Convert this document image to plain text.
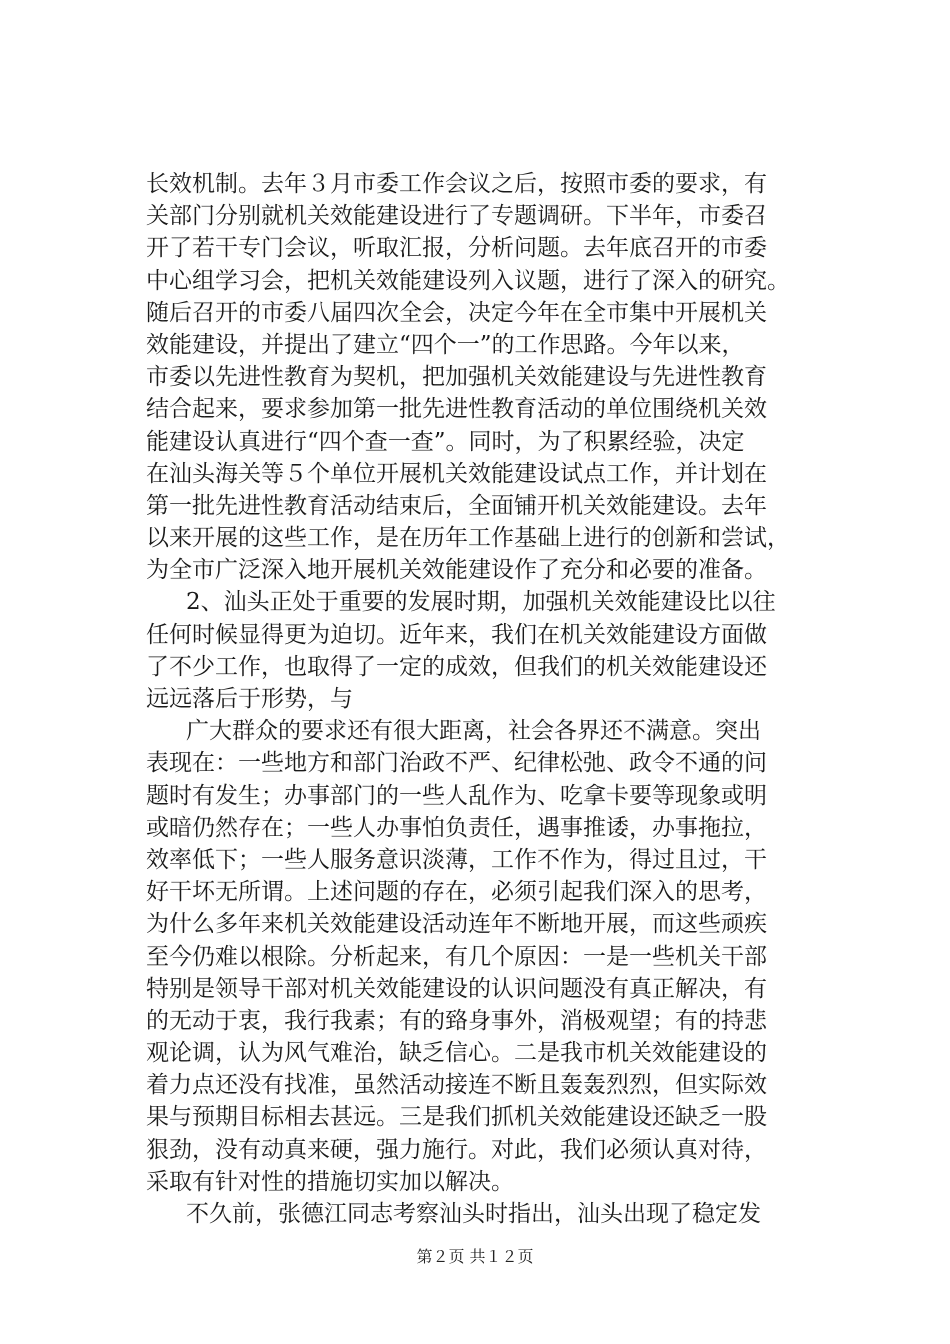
长效机制。去年３月市委工作会议之后，按照市委的要求，有
关部门分别就机关效能建设进行了专题调研。下半年，市委召
开了若干专门会议，听取汇报，分析问题。去年底召开的市委
中心组学习会，把机关效能建设列入议题，进行了深入的研究。
随后召开的市委八届四次全会，决定今年在全市集中开展机关
效能建设，并提出了建立“四个一”的工作思路。今年以来，
市委以先进性教育为契机，把加强机关效能建设与先进性教育
结合起来，要求参加第一批先进性教育活动的单位围绕机关效
能建设认真进行“四个查一查”。同时，为了积累经验，决定
在汕头海关等５个单位开展机关效能建设试点工作，并计划在
第一批先进性教育活动结束后，全面铺开机关效能建设。去年
以来开展的这些工作，是在历年工作基础上进行的创新和尝试，
为全市广泛深入地开展机关效能建设作了充分和必要的准备。
2、汕头正处于重要的发展时期，加强机关效能建设比以往
任何时候显得更为迫切。近年来，我们在机关效能建设方面做
了不少工作，也取得了一定的成效，但我们的机关效能建设还
远远落后于形势，与
广大群众的要求还有很大距离，社会各界还不满意。突出
表现在：一些地方和部门治政不严、纪律松弛、政令不通的问
题时有发生；办事部门的一些人乱作为、吃拿卡要等现象或明
或暗仍然存在；一些人办事怕负责任，遇事推诿，办事拖拉，
效率低下；一些人服务意识淡薄，工作不作为，得过且过，干
好干坏无所谓。上述问题的存在，必须引起我们深入的思考，
为什么多年来机关效能建设活动连年不断地开展，而这些顽疾
至今仍难以根除。分析起来，有几个原因：一是一些机关干部
特别是领导干部对机关效能建设的认识问题没有真正解决，有
的无动于衷，我行我素；有的臵身事外，消极观望；有的持悲
观论调，认为风气难治，缺乏信心。二是我市机关效能建设的
着力点还没有找准，虽然活动接连不断且轰轰烈烈，但实际效
果与预期目标相去甚远。三是我们抓机关效能建设还缺乏一股
狠劲，没有动真来硬，强力施行。对此，我们必须认真对待，
采取有针对性的措施切实加以解决。
不久前，张德江同志考察汕头时指出，汕头出现了稳定发
第２页 共１２页
